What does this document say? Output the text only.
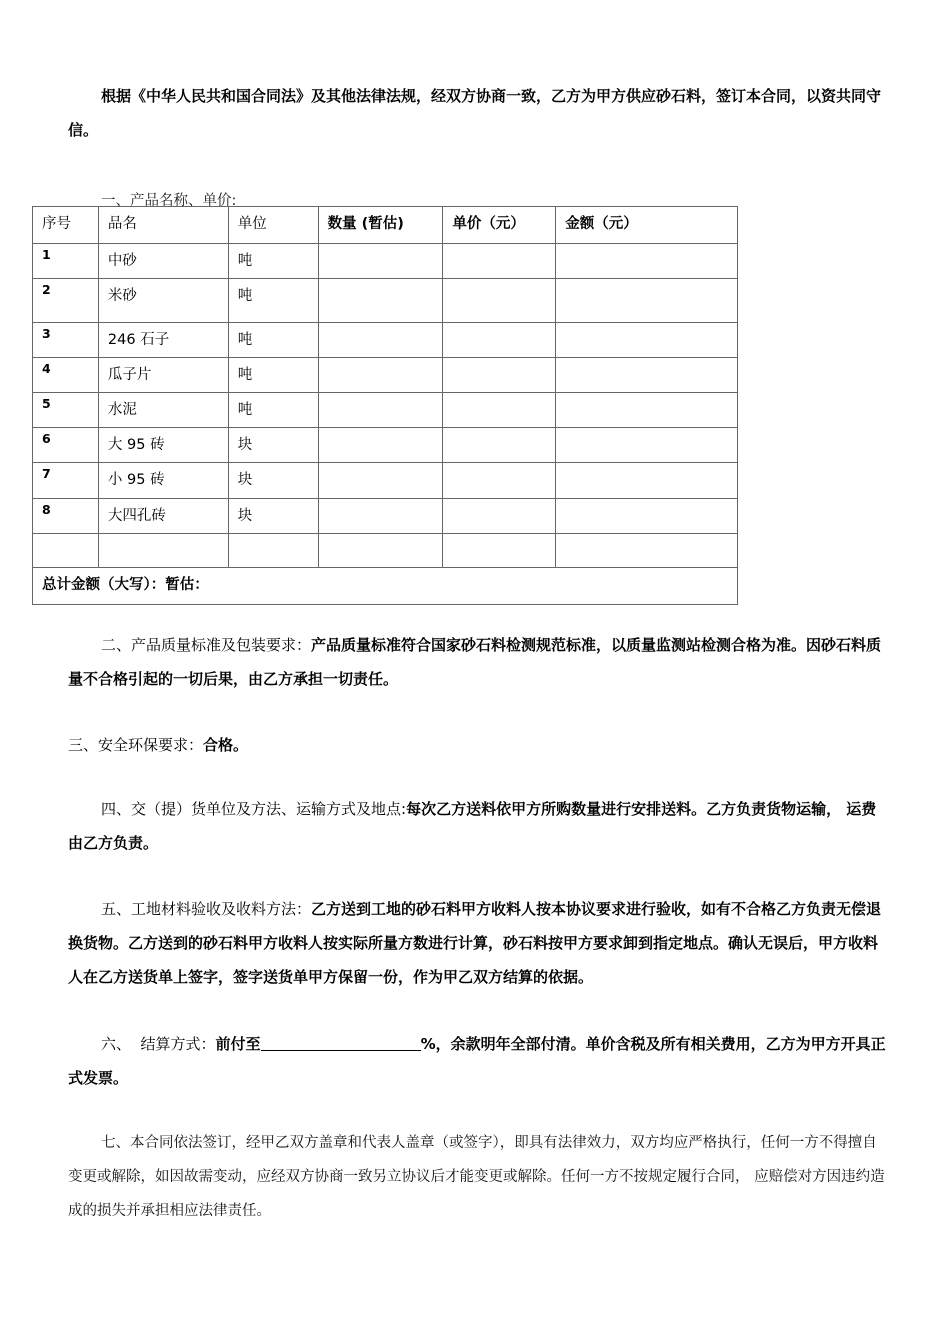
根据《中华人民共和国合同法》及其他法律法规，经双方协商一致，乙方为甲方供应砂石料，签订本合同，以资共同守信。
一、产品名称、单价:
序号	品名	单位	数量 (暂估)	单价（元）	金额（元）
1	中砂	吨			
2	米砂	吨			
3	246 石子	吨			
4	瓜子片	吨			
5	水泥	吨			
6	大 95 砖	块			
7	小 95 砖	块			
8	大四孔砖	块			

总计金额（大写）：暂估：					
二、产品质量标准及包装要求：产品质量标准符合国家砂石料检测规范标准，以质量监测站检测合格为准。因砂石料质量不合格引起的一切后果，由乙方承担一切责任。
三、安全环保要求：合格。
四、交（提）货单位及方法、运输方式及地点:每次乙方送料依甲方所购数量进行安排送料。乙方负责货物运输， 运费由乙方负责。
五、工地材料验收及收料方法：乙方送到工地的砂石料甲方收料人按本协议要求进行验收，如有不合格乙方负责无偿退换货物。乙方送到的砂石料甲方收料人按实际所量方数进行计算，砂石料按甲方要求卸到指定地点。确认无误后，甲方收料人在乙方送货单上签字，签字送货单甲方保留一份，作为甲乙双方结算的依据。
六、  结算方式：前付至	%，余款明年全部付清。单价含税及所有相关费用，乙方为甲方开具正式发票。
七、本合同依法签订，经甲乙双方盖章和代表人盖章（或签字），即具有法律效力，双方均应严格执行，任何一方不得擅自变更或解除，如因故需变动，应经双方协商一致另立协议后才能变更或解除。任何一方不按规定履行合同， 应赔偿对方因违约造成的损失并承担相应法律责任。
